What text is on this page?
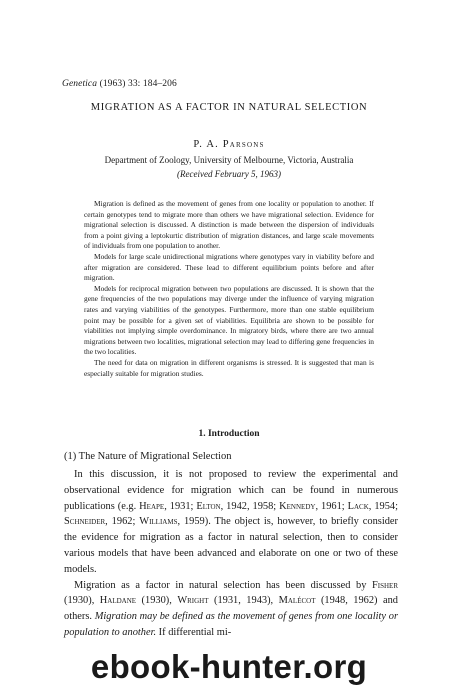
Genetica (1963) 33: 184–206
MIGRATION AS A FACTOR IN NATURAL SELECTION
P. A. Parsons
Department of Zoology, University of Melbourne, Victoria, Australia
(Received February 5, 1963)

Migration is defined as the movement of genes from one locality or population to another. If certain genotypes tend to migrate more than others we have migrational selection. Evidence for migrational selection is discussed. A distinction is made between the dispersion of individuals from a point giving a leptokurtic distribution of migration distances, and large scale movements of individuals from one population to another.

Models for large scale unidirectional migrations where genotypes vary in viability before and after migration are considered. These lead to different equilibrium points before and after migration.

Models for reciprocal migration between two populations are discussed. It is shown that the gene frequencies of the two populations may diverge under the influence of varying migration rates and varying viabilities of the genotypes. Furthermore, more than one stable equilibrium point may be possible for a given set of viabilities. Equilibria are shown to be possible for viabilities not implying simple overdominance. In migratory birds, where there are two annual migrations between two localities, migrational selection may lead to differing gene frequencies in the two localities.

The need for data on migration in different organisms is stressed. It is suggested that man is especially suitable for migration studies.

1. Introduction
(1) The Nature of Migrational Selection

In this discussion, it is not proposed to review the experimental and observational evidence for migration which can be found in numerous publications (e.g. Heape, 1931; Elton, 1942, 1958; Kennedy, 1961; Lack, 1954; Schneider, 1962; Williams, 1959). The object is, however, to briefly consider the evidence for migration as a factor in natural selection, then to consider various models that have been advanced and elaborate on one or two of these models.

Migration as a factor in natural selection has been discussed by Fisher (1930), Haldane (1930), Wright (1931, 1943), Malécot (1948, 1962) and others. Migration may be defined as the movement of genes from one locality or population to another. If differential mi-

ebook-hunter.org
